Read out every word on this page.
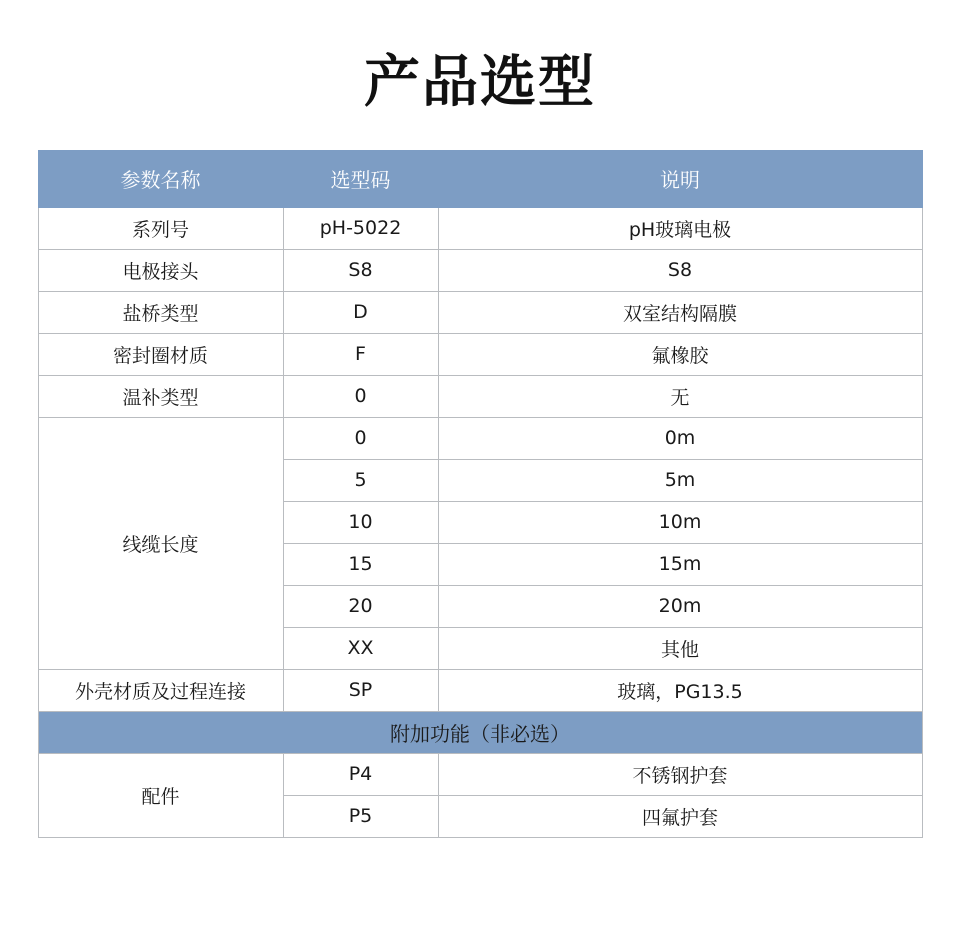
产品选型
参数名称	选型码	说明
系列号	pH-5022	pH玻璃电极
电极接头	S8	S8
盐桥类型	D	双室结构隔膜
密封圈材质	F	氟橡胶
温补类型	0	无
线缆长度	0	0m
	5	5m
	10	10m
	15	15m
	20	20m
	XX	其他
外壳材质及过程连接	SP	玻璃，PG13.5
附加功能（非必选）		
配件	P4	不锈钢护套
	P5	四氟护套
